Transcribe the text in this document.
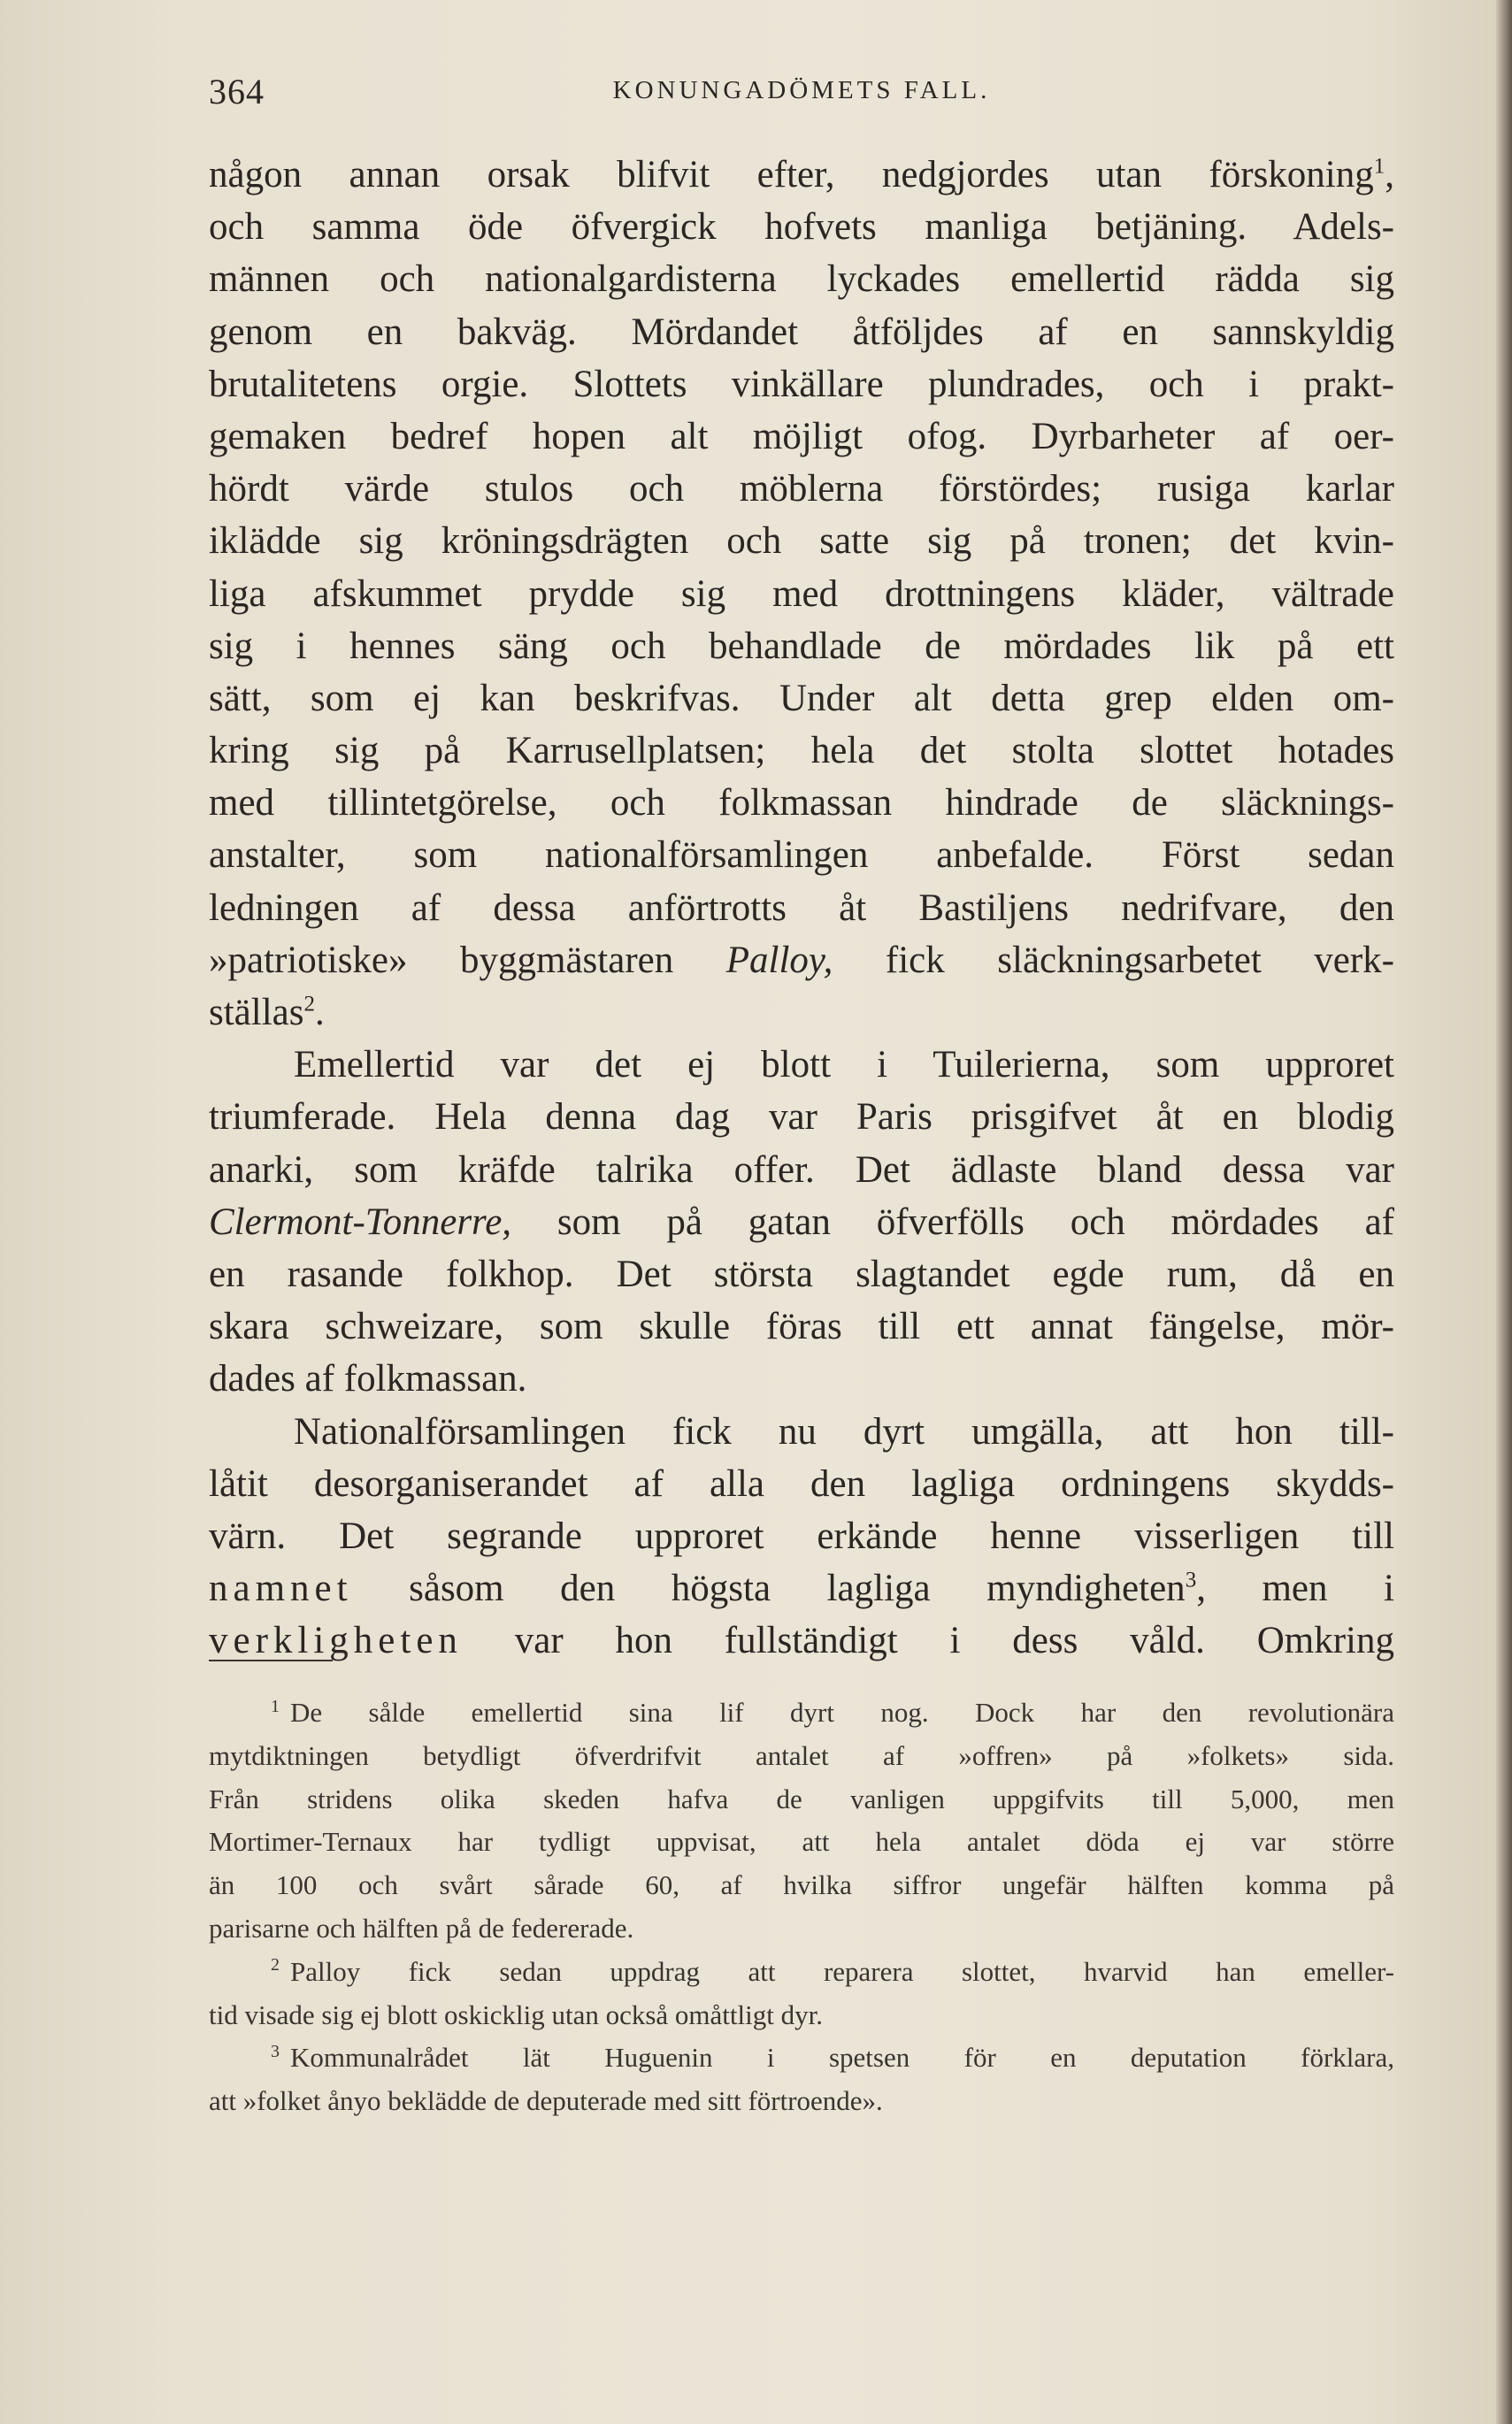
364	KONUNGADÖMETS FALL.
någon annan orsak blifvit efter, nedgjordes utan förskoning$^1$,
och samma öde öfvergick hofvets manliga betjäning. Adels-
männen och nationalgardisterna lyckades emellertid rädda sig
genom en bakväg. Mördandet åtföljdes af en sannskyldig
brutalitetens orgie. Slottets vinkällare plundrades, och i prakt-
gemaken bedref hopen alt möjligt ofog. Dyrbarheter af oer-
hördt värde stulos och möblerna förstördes; rusiga karlar
ikläddе sig kröningsdrägten och satte sig på tronen; det kvin-
liga afskummet prydde sig med drottningens kläder, vältrade
sig i hennes säng och behandlade de mördades lik på ett
sätt, som ej kan beskrifvas. Under alt detta grep elden om-
kring sig på Karrusellplatsen; hela det stolta slottet hotades
med tillintetgörelse, och folkmassan hindrade de släcknings-
anstalter, som nationalförsamlingen anbefalde. Först sedan
ledningen af dessa anförtrotts åt Bastiljens nedrifvare, den
»patriotiske» byggmästaren Palloy, fick släckningsarbetet verk-
ställas$^2$.
Emellertid var det ej blott i Tuilerierna, som upproret
triumferade. Hela denna dag var Paris prisgifvet åt en blodig
anarki, som kräfde talrika offer. Det ädlaste bland dessa var
Clermont-Tonnerre, som på gatan öfverfölls och mördades af
en rasande folkhop. Det största slagtandet egde rum, då en
skara schweizare, som skulle föras till ett annat fängelse, mör-
dades af folkmassan.
Nationalförsamlingen fick nu dyrt umgälla, att hon till-
låtit desorganiserandet af alla den lagliga ordningens skydds-
värn. Det segrande upproret erkände henne visserligen till
namnet såsom den högsta lagliga myndigheten$^3$, men i
verkligheten var hon fullständigt i dess våld. Omkring
$^1$ De sålde emellertid sina lif dyrt nog. Dock har den revolutionära
mytdiktningen betydligt öfverdrifvit antalet af »offren» på »folkets» sida.
Från stridens olika skeden hafva de vanligen uppgifvits till 5,000, men
Mortimer-Ternaux har tydligt uppvisat, att hela antalet döda ej var större
än 100 och svårt sårade 60, af hvilka siffror ungefär hälften komma på
parisarne och hälften på de federerade.
$^2$ Palloy fick sedan uppdrag att reparera slottet, hvarvid han emeller-
tid visade sig ej blott oskicklig utan också omåttligt dyr.
$^3$ Kommunalrådet lät Huguenin i spetsen för en deputation förklara,
att »folket ånyo beklädde de deputerade med sitt förtroende».
